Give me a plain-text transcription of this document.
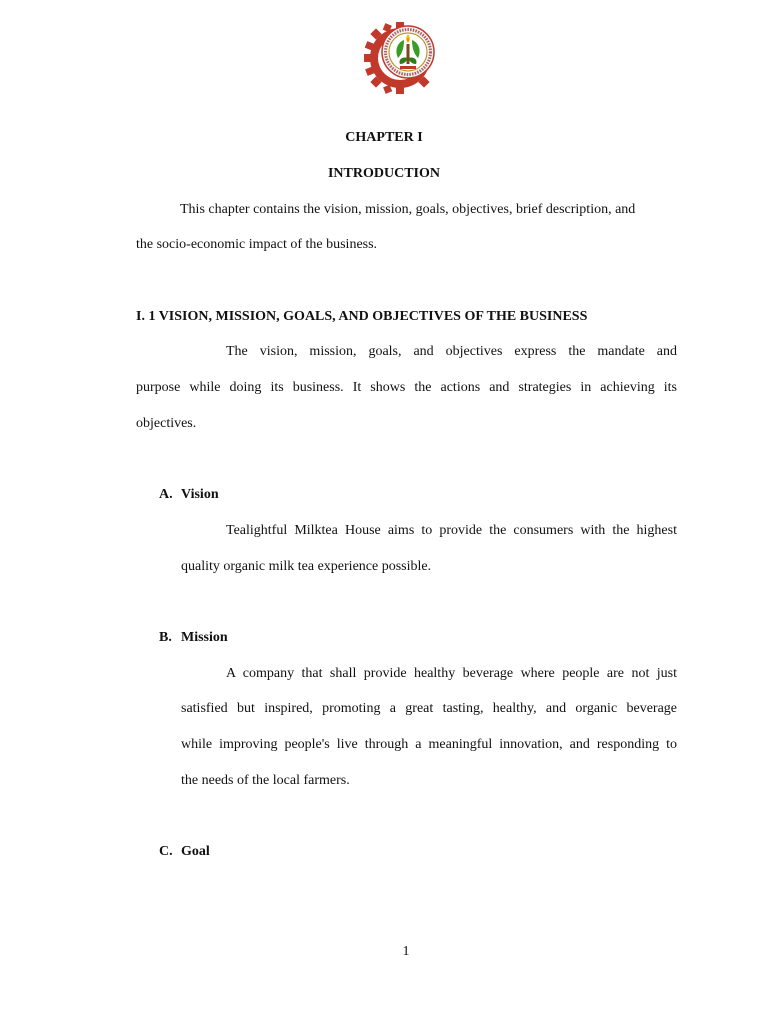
CHAPTER I
INTRODUCTION
This chapter contains the vision, mission, goals, objectives, brief description, and
the socio-economic impact of the business.
I. 1 VISION, MISSION, GOALS, AND OBJECTIVES OF THE BUSINESS
The vision, mission, goals, and objectives express the mandate and
purpose while doing its business. It shows the actions and strategies in achieving its
objectives.
A. Vision
Tealightful Milktea House aims to provide the consumers with the highest
quality organic milk tea experience possible.
B. Mission
A company that shall provide healthy beverage where people are not just
satisfied but inspired, promoting a great tasting, healthy, and organic beverage
while improving people's live through a meaningful innovation, and responding to
the needs of the local farmers.
C. Goal
1
